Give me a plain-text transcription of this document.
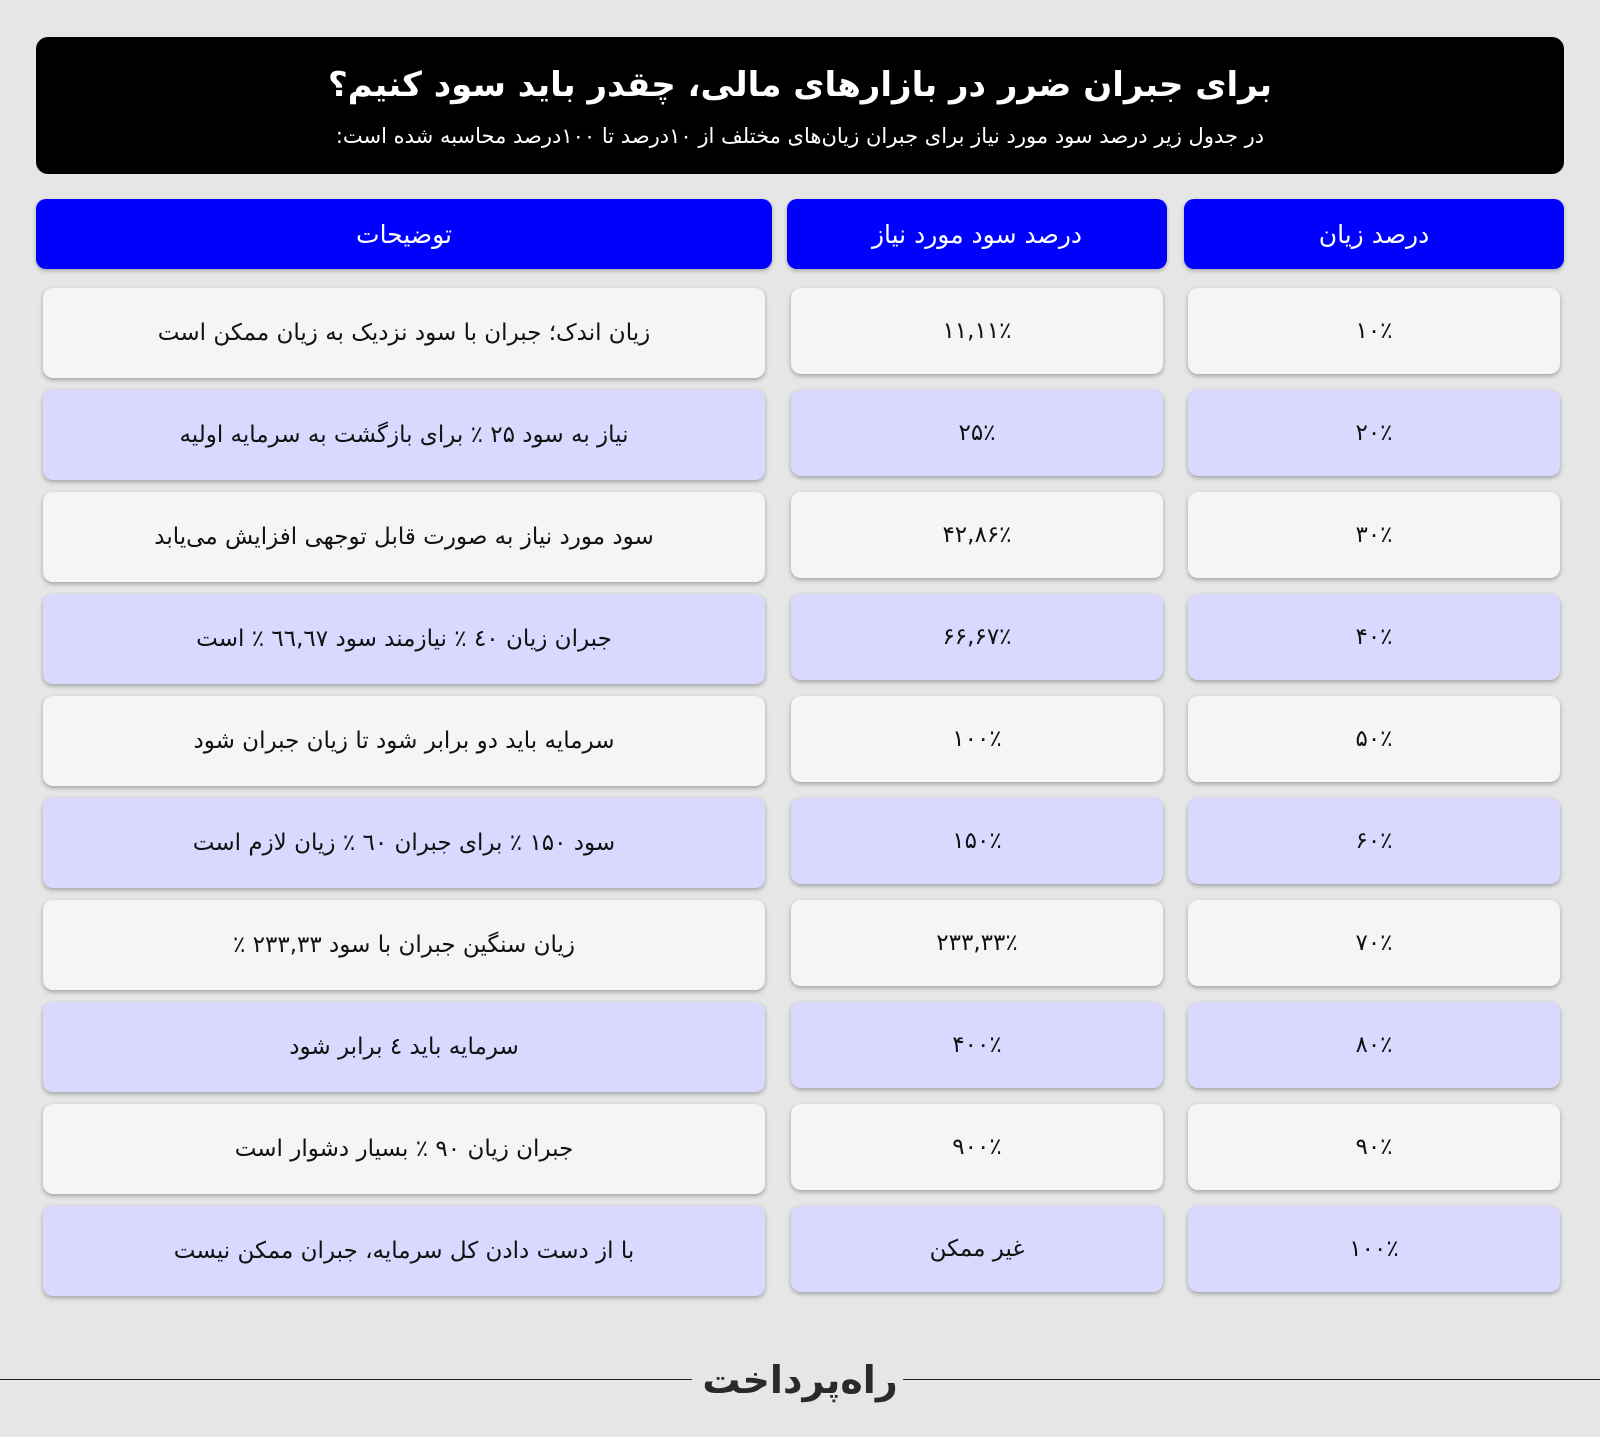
برای جبران ضرر در بازارهای مالی، چقدر باید سود کنیم؟
در جدول زیر درصد سود مورد نیاز برای جبران زیان‌های مختلف از ۱۰درصد تا ۱۰۰درصد محاسبه شده است:
درصد زیان
درصد سود مورد نیاز
توضیحات
۱۰٪
۱۱,۱۱٪
زیان اندک؛ جبران با سود نزدیک به زیان ممکن است
۲۰٪
۲۵٪
نیاز به سود ۲۵ ٪ برای بازگشت به سرمایه اولیه
۳۰٪
۴۲,۸۶٪
سود مورد نیاز به صورت قابل توجهی افزایش می‌یابد
۴۰٪
۶۶,۶۷٪
جبران زیان ٤۰ ٪ نیازمند سود ٦٦,٦٧ ٪ است
۵۰٪
۱۰۰٪
سرمایه باید دو برابر شود تا زیان جبران شود
۶۰٪
۱۵۰٪
سود ۱۵۰ ٪ برای جبران ٦۰ ٪ زیان لازم است
۷۰٪
۲۳۳,۳۳٪
زیان سنگین جبران با سود ۲۳۳,۳۳ ٪
۸۰٪
۴۰۰٪
سرمایه باید ٤ برابر شود
۹۰٪
۹۰۰٪
جبران زیان ۹۰ ٪ بسیار دشوار است
۱۰۰٪
غیر ممکن
با از دست دادن کل سرمایه، جبران ممکن نیست
راه‌پرداخت
